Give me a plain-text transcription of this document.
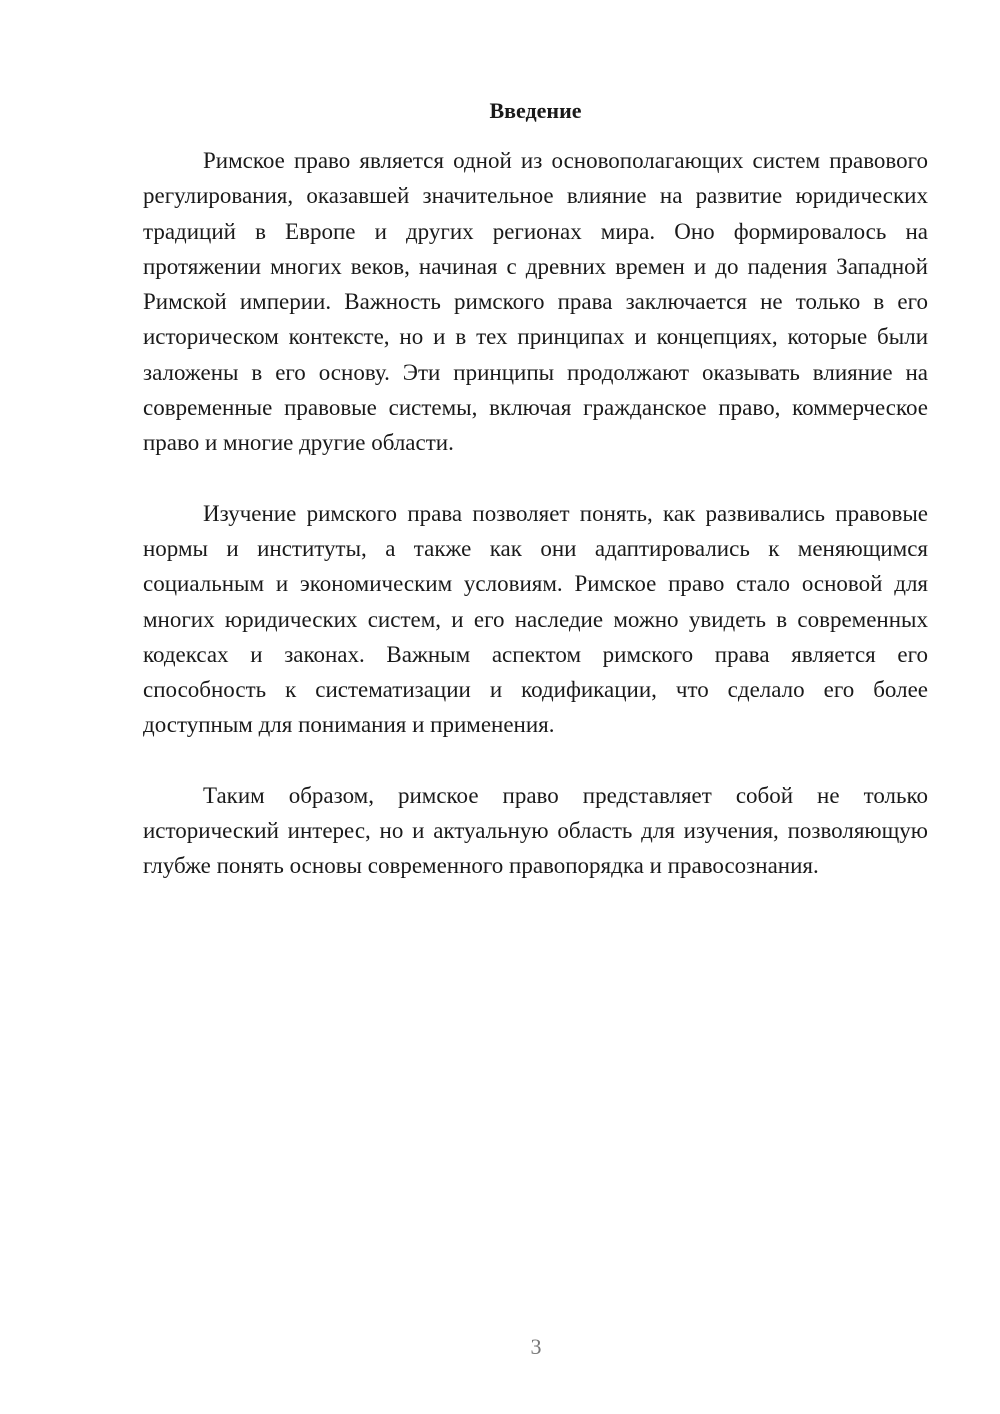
Введение

Римское право является одной из основополагающих систем правового регулирования, оказавшей значительное влияние на развитие юридических традиций в Европе и других регионах мира. Оно формировалось на протяжении многих веков, начиная с древних времен и до падения Западной Римской империи. Важность римского права заключается не только в его историческом контексте, но и в тех принципах и концепциях, которые были заложены в его основу. Эти принципы продолжают оказывать влияние на современные правовые системы, включая гражданское право, коммерческое право и многие другие области.

Изучение римского права позволяет понять, как развивались правовые нормы и институты, а также как они адаптировались к меняющимся социальным и экономическим условиям. Римское право стало основой для многих юридических систем, и его наследие можно увидеть в современных кодексах и законах. Важным аспектом римского права является его способность к систематизации и кодификации, что сделало его более доступным для понимания и применения.

Таким образом, римское право представляет собой не только исторический интерес, но и актуальную область для изучения, позволяющую глубже понять основы современного правопорядка и правосознания.

3
